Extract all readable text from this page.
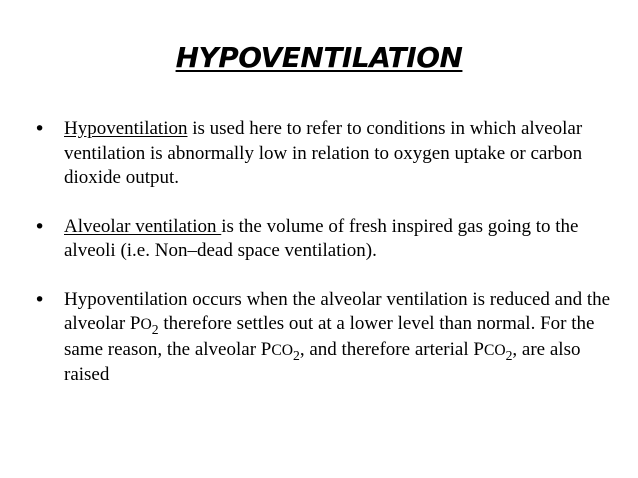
HYPOVENTILATION
• Hypoventilation is used here to refer to conditions in which alveolar ventilation is abnormally low in relation to oxygen uptake or carbon dioxide output.
• Alveolar ventilation is the volume of fresh inspired gas going to the alveoli (i.e. Non–dead space ventilation).
• Hypoventilation occurs when the alveolar ventilation is reduced and the alveolar $PO_2$ therefore settles out at a lower level than normal. For the same reason, the alveolar $PCO_2$, and therefore arterial $PCO_2$, are also raised
